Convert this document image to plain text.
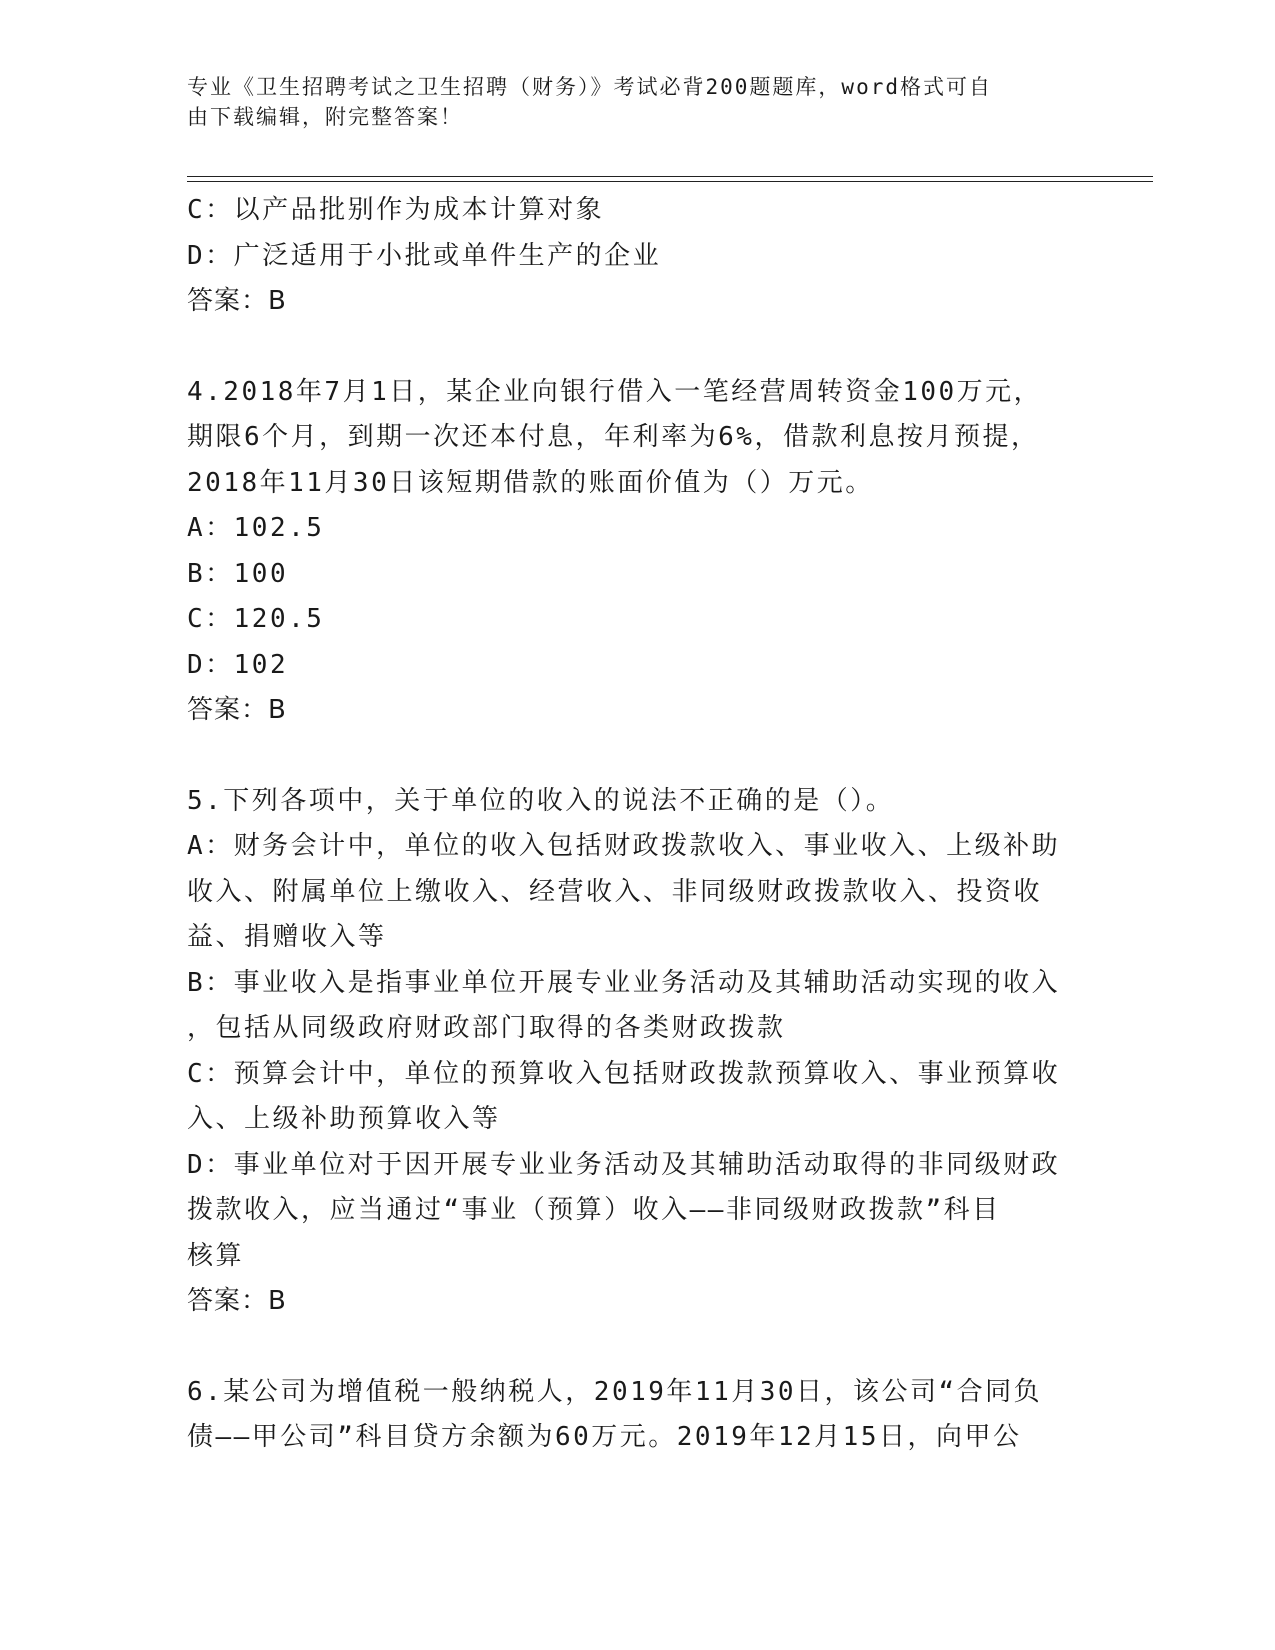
专业《卫生招聘考试之卫生招聘（财务）》考试必背200题题库，word格式可自
由下载编辑，附完整答案！
C：以产品批别作为成本计算对象
D：广泛适用于小批或单件生产的企业
答案：B
4.2018年7月1日，某企业向银行借入一笔经营周转资金100万元，
期限6个月，到期一次还本付息，年利率为6%，借款利息按月预提，
2018年11月30日该短期借款的账面价值为（）万元。
A：102.5
B：100
C：120.5
D：102
答案：B
5.下列各项中，关于单位的收入的说法不正确的是（）。
A：财务会计中，单位的收入包括财政拨款收入、事业收入、上级补助
收入、附属单位上缴收入、经营收入、非同级财政拨款收入、投资收
益、捐赠收入等
B：事业收入是指事业单位开展专业业务活动及其辅助活动实现的收入
，包括从同级政府财政部门取得的各类财政拨款
C：预算会计中，单位的预算收入包括财政拨款预算收入、事业预算收
入、上级补助预算收入等
D：事业单位对于因开展专业业务活动及其辅助活动取得的非同级财政
拨款收入，应当通过“事业（预算）收入——非同级财政拨款”科目
核算
答案：B
6.某公司为增值税一般纳税人，2019年11月30日，该公司“合同负
债——甲公司”科目贷方余额为60万元。2019年12月15日，向甲公
